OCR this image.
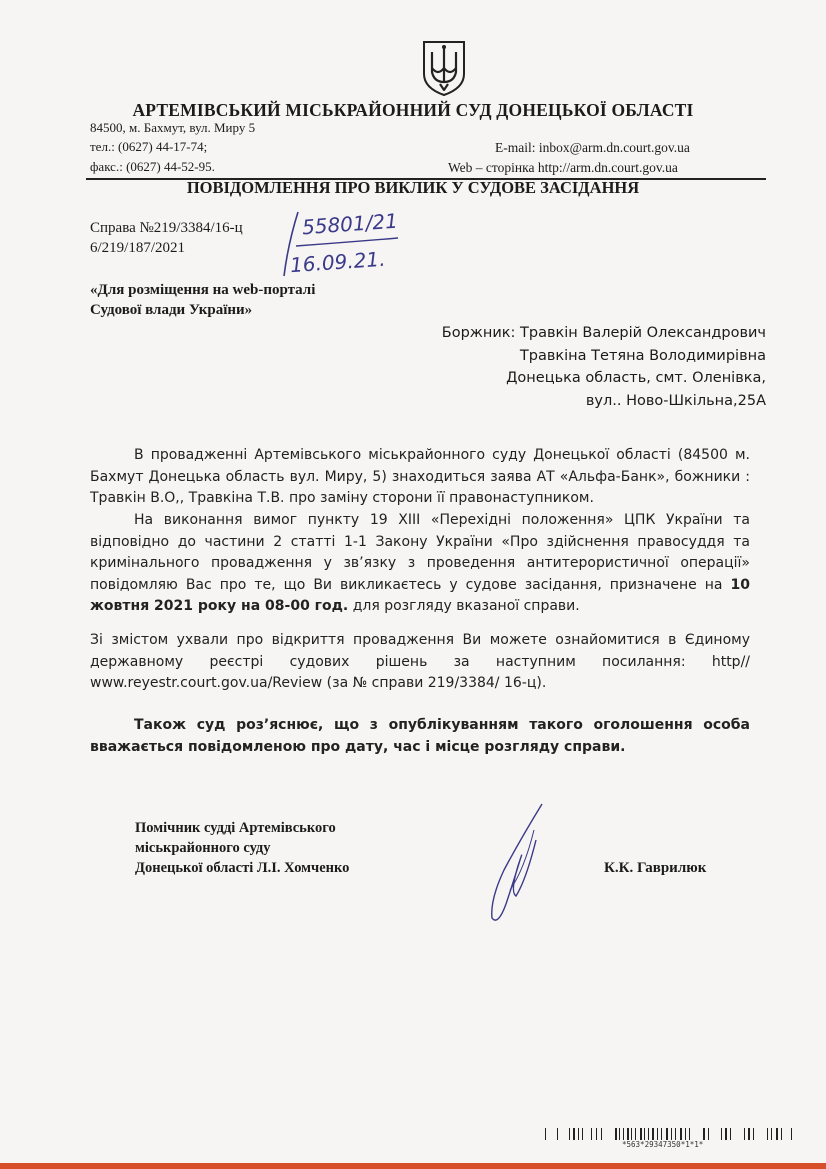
АРТЕМІВСЬКИЙ МІСЬКРАЙОННИЙ СУД ДОНЕЦЬКОЇ ОБЛАСТІ
84500, м. Бахмут, вул. Миру 5
тел.: (0627) 44-17-74;
факс.: (0627) 44-52-95.
E-mail: inbox@arm.dn.court.gov.ua
Web – сторінка http://arm.dn.court.gov.ua
ПОВІДОМЛЕННЯ ПРО ВИКЛИК У СУДОВЕ ЗАСІДАННЯ
Справа №219/3384/16-ц
6/219/187/2021
55801/21
16.09.21.
«Для розміщення на web-порталі
Судової влади України»
Боржник: Травкін Валерій Олександрович
Травкіна Тетяна Володимирівна
Донецька область, смт. Оленівка,
вул.. Ново-Шкільна,25А
В провадженні Артемівського міськрайонного суду Донецької області (84500 м. Бахмут Донецька область вул. Миру, 5) знаходиться заява АТ «Альфа-Банк», божники : Травкін В.О,, Травкіна Т.В. про заміну сторони її правонаступником.
На виконання вимог пункту 19 ХІІІ «Перехідні положення» ЦПК України та відповідно до частини 2 статті 1-1 Закону України «Про здійснення правосуддя та кримінального провадження у зв’язку з проведення антитерористичної операції» повідомляю Вас про те, що Ви викликаєтесь у судове засідання, призначене на 10 жовтня 2021 року на 08-00 год. для розгляду вказаної справи.
Зі змістом ухвали про відкриття провадження Ви можете ознайомитися в Єдиному державному реєстрі судових рішень за наступним посилання: http// www.reyestr.court.gov.ua/Review (за № справи 219/3384/ 16-ц).
Також суд роз’яснює, що з опублікуванням такого оголошення особа вважається повідомленою про дату, час і місце розгляду справи.
Помічник судді Артемівського
міськрайонного суду
Донецької області Л.І. Хомченко	К.К. Гаврилюк
*563*29347350*1*1*
